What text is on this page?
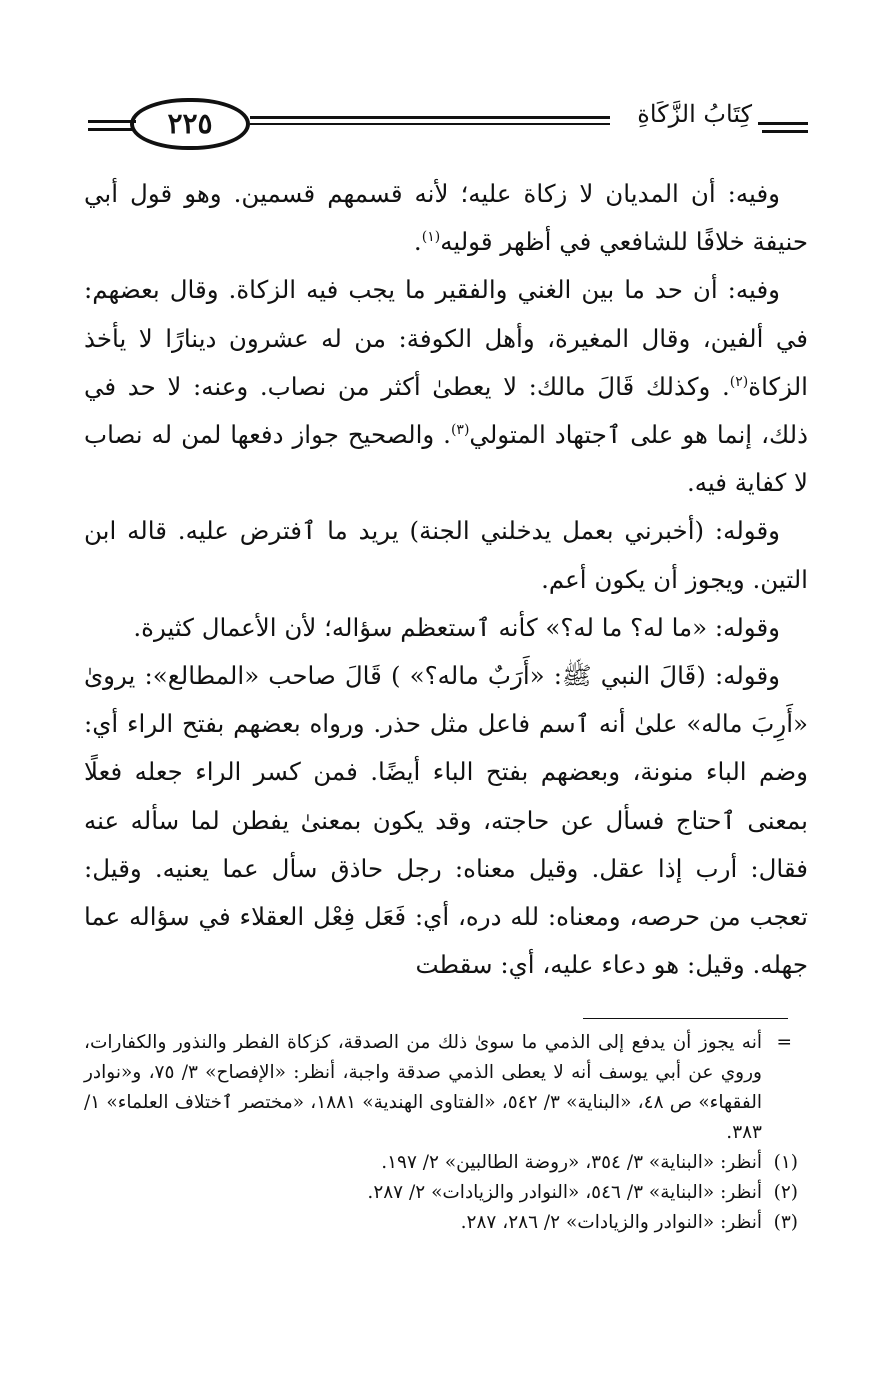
٢٢٥	كِتَابُ الزَّكَاةِ

وفيه: أن المديان لا زكاة عليه؛ لأنه قسمهم قسمين. وهو قول أبي حنيفة خلافًا للشافعي في أظهر قوليه$^{(١)}$.

وفيه: أن حد ما بين الغني والفقير ما يجب فيه الزكاة. وقال بعضهم: في ألفين، وقال المغيرة، وأهل الكوفة: من له عشرون دينارًا لا يأخذ الزكاة$^{(٢)}$. وكذلك قَالَ مالك: لا يعطىٰ أكثر من نصاب. وعنه: لا حد في ذلك، إنما هو على ٱجتهاد المتولي$^{(٣)}$. والصحيح جواز دفعها لمن له نصاب لا كفاية فيه.

وقوله: (أخبرني بعمل يدخلني الجنة) يريد ما ٱفترض عليه. قاله ابن التين. ويجوز أن يكون أعم.

وقوله: «ما له؟ ما له؟» كأنه ٱستعظم سؤاله؛ لأن الأعمال كثيرة.

وقوله: (قَالَ النبي ﷺ: «أَرَبٌ ماله؟» ) قَالَ صاحب «المطالع»: يروىٰ «أَرِبَ ماله» علىٰ أنه ٱسم فاعل مثل حذر. ورواه بعضهم بفتح الراء أي: وضم الباء منونة، وبعضهم بفتح الباء أيضًا. فمن كسر الراء جعله فعلًا بمعنى ٱحتاج فسأل عن حاجته، وقد يكون بمعنىٰ يفطن لما سأله عنه فقال: أرب إذا عقل. وقيل معناه: رجل حاذق سأل عما يعنيه. وقيل: تعجب من حرصه، ومعناه: لله دره، أي: فَعَل فِعْل العقلاء في سؤاله عما جهله. وقيل: هو دعاء عليه، أي: سقطت

=
أنه يجوز أن يدفع إلى الذمي ما سوىٰ ذلك من الصدقة، كزكاة الفطر والنذور والكفارات، وروي عن أبي يوسف أنه لا يعطى الذمي صدقة واجبة، أنظر: «الإفصاح» ٣/ ٧٥، و«نوادر الفقهاء» ص ٤٨، «البناية» ٣/ ٥٤٢، «الفتاوى الهندية» ١٨٨١، «مختصر ٱختلاف العلماء» ١/ ٣٨٣.

(١)
أنظر: «البناية» ٣/ ٣٥٤، «روضة الطالبين» ٢/ ١٩٧.

(٢)
أنظر: «البناية» ٣/ ٥٤٦، «النوادر والزيادات» ٢/ ٢٨٧.

(٣)
أنظر: «النوادر والزيادات» ٢/ ٢٨٦، ٢٨٧.
